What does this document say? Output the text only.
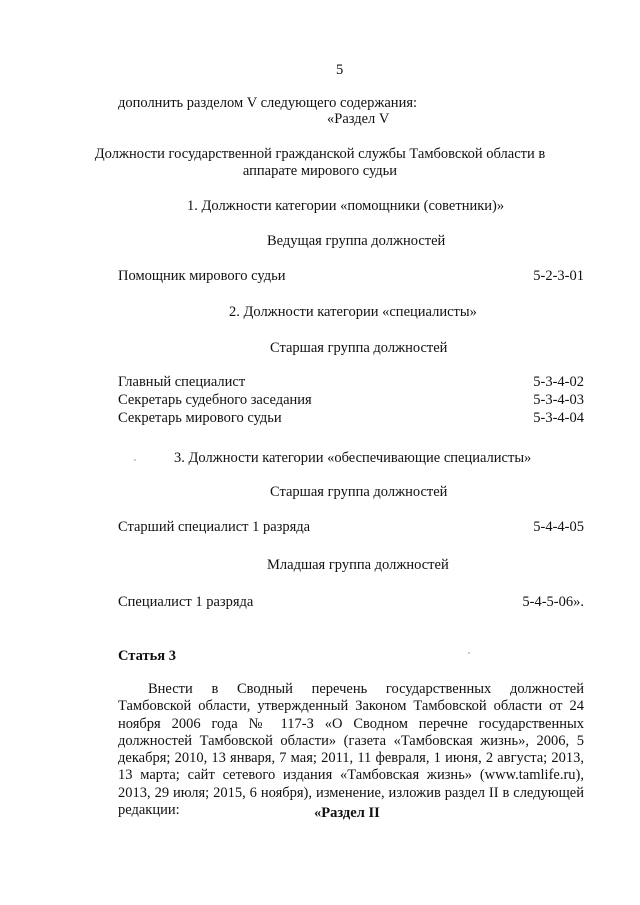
5
дополнить разделом V следующего содержания:
«Раздел V
Должности государственной гражданской службы Тамбовской области в
аппарате мирового судьи
1. Должности категории «помощники (советники)»
Ведущая группа должностей
Помощник мирового судьи	5-2-3-01
2. Должности категории «специалисты»
Старшая группа должностей
Главный специалист	5-3-4-02
Секретарь судебного заседания	5-3-4-03
Секретарь мирового судьи	5-3-4-04
3. Должности категории «обеспечивающие специалисты»
Старшая группа должностей
Старший специалист 1 разряда	5-4-4-05
Младшая группа должностей
Специалист 1 разряда	5-4-5-06».
Статья 3
Внести в Сводный перечень государственных должностей Тамбовской области, утвержденный Законом Тамбовской области от 24 ноября 2006 года № 117-З «О Сводном перечне государственных должностей Тамбовской области» (газета «Тамбовская жизнь», 2006, 5 декабря; 2010, 13 января, 7 мая; 2011, 11 февраля, 1 июня, 2 августа; 2013, 13 марта; сайт сетевого издания «Тамбовская жизнь» (www.tamlife.ru), 2013, 29 июля; 2015, 6 ноября), изменение, изложив раздел II в следующей редакции:	«Раздел II
